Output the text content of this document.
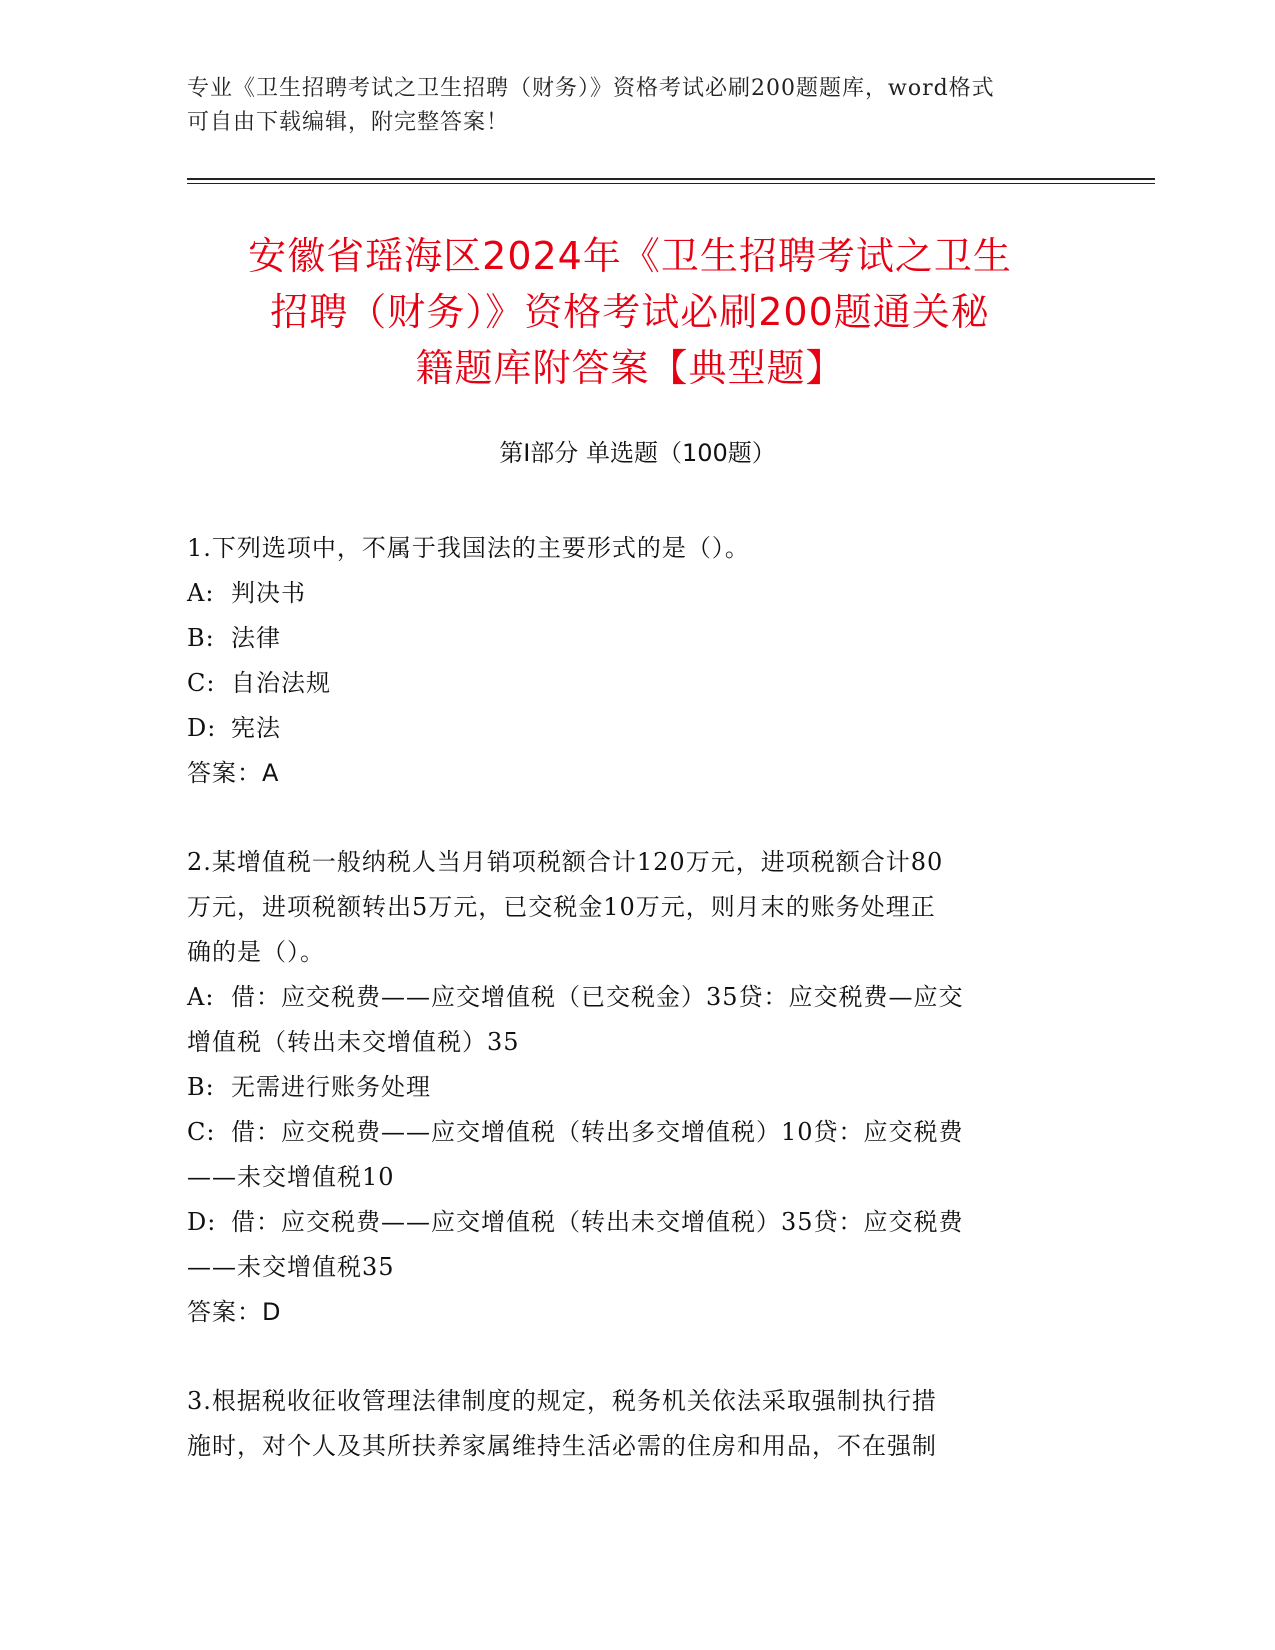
专业《卫生招聘考试之卫生招聘（财务）》资格考试必刷200题题库，word格式
可自由下载编辑，附完整答案！
安徽省瑶海区2024年《卫生招聘考试之卫生
招聘（财务）》资格考试必刷200题通关秘
籍题库附答案【典型题】
第Ⅰ部分 单选题（100题）
1.下列选项中，不属于我国法的主要形式的是（）。
A: 判决书
B: 法律
C: 自治法规
D: 宪法
答案：A
2.某增值税一般纳税人当月销项税额合计120万元，进项税额合计80
万元，进项税额转出5万元，已交税金10万元，则月末的账务处理正
确的是（）。
A: 借：应交税费——应交增值税（已交税金）35贷：应交税费—应交
增值税（转出未交增值税）35
B: 无需进行账务处理
C: 借：应交税费——应交增值税（转出多交增值税）10贷：应交税费
——未交增值税10
D: 借：应交税费——应交增值税（转出未交增值税）35贷：应交税费
——未交增值税35
答案：D
3.根据税收征收管理法律制度的规定，税务机关依法采取强制执行措
施时，对个人及其所扶养家属维持生活必需的住房和用品，不在强制
